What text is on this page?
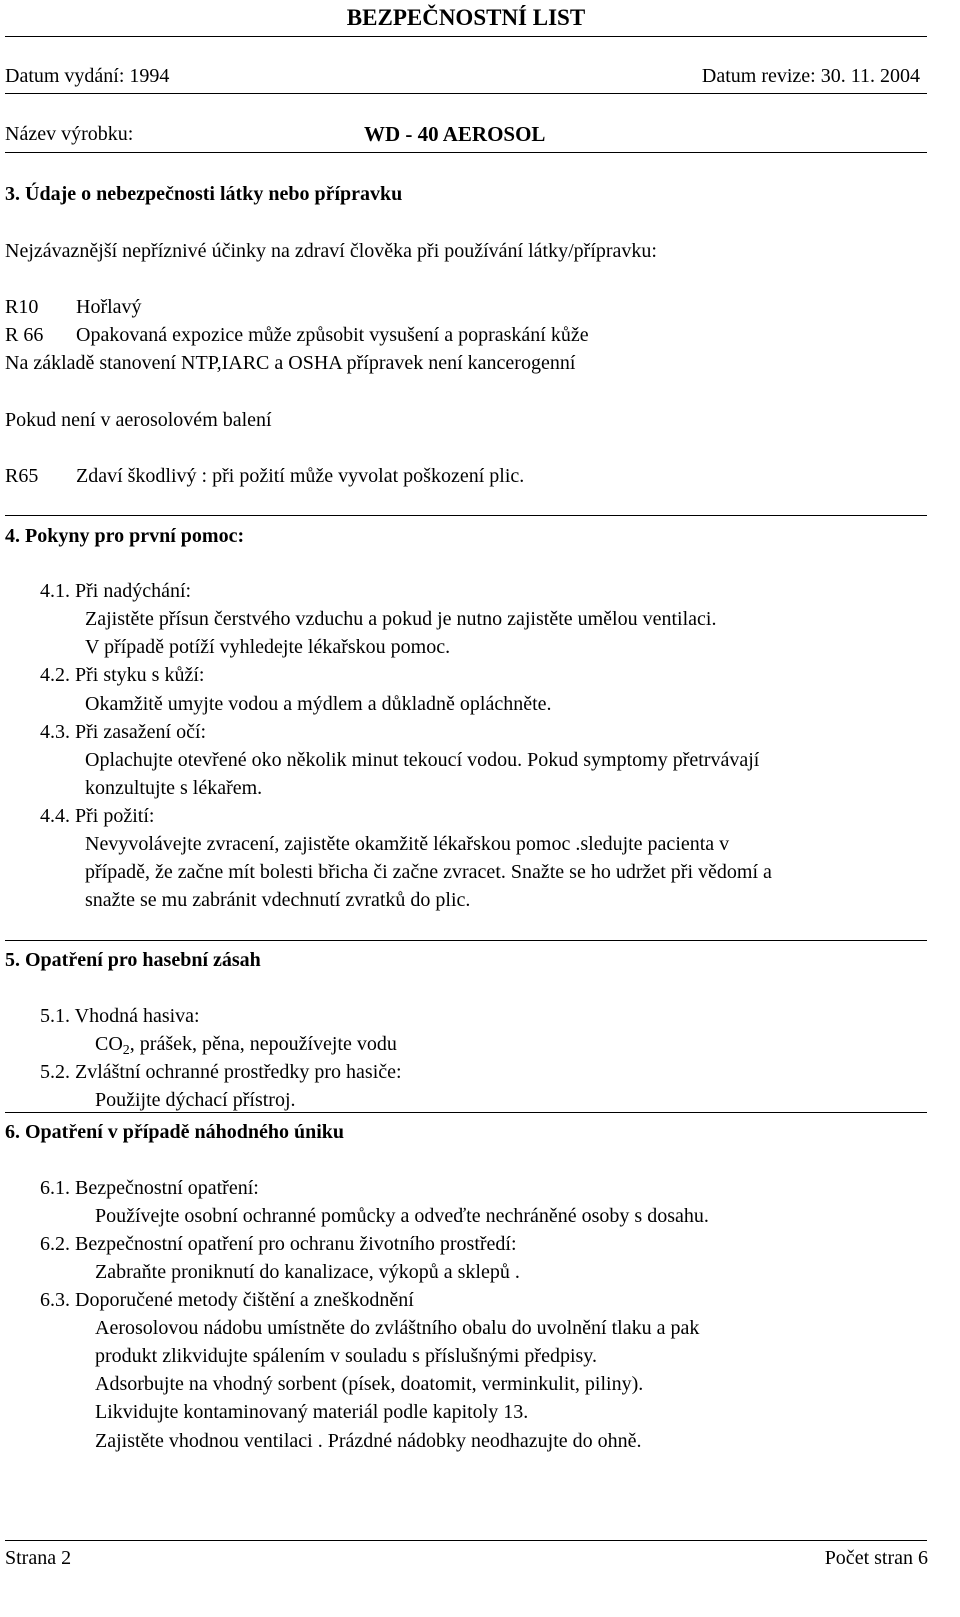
BEZPEČNOSTNÍ LIST
Datum vydání: 1994	Datum revize: 30. 11. 2004
Název výrobku:	WD - 40 AEROSOL
3. Údaje o nebezpečnosti látky nebo přípravku
Nejzávaznější nepříznivé účinky na zdraví člověka při používání látky/přípravku:
R10 Hořlavý
R 66 Opakovaná expozice může způsobit vysušení a popraskání kůže
Na základě stanovení NTP,IARC a OSHA přípravek není kancerogenní
Pokud není v aerosolovém balení
R65 Zdaví škodlivý : při požití může vyvolat poškození plic.
4. Pokyny pro první pomoc:
4.1. Při nadýchání:
Zajistěte přísun čerstvého vzduchu a pokud je nutno zajistěte umělou ventilaci.
V případě potíží vyhledejte lékařskou pomoc.
4.2. Při styku s kůží:
Okamžitě umyjte vodou a mýdlem a důkladně opláchněte.
4.3. Při zasažení očí:
Oplachujte otevřené oko několik minut tekoucí vodou. Pokud symptomy přetrvávají
konzultujte s lékařem.
4.4. Při požití:
Nevyvolávejte zvracení, zajistěte okamžitě lékařskou pomoc .sledujte pacienta v
případě, že začne mít bolesti břicha či začne zvracet. Snažte se ho udržet při vědomí a
snažte se mu zabránit vdechnutí zvratků do plic.
5. Opatření pro hasební zásah
5.1. Vhodná hasiva:
$CO_2$, prášek, pěna, nepoužívejte vodu
5.2. Zvláštní ochranné prostředky pro hasiče:
Použijte dýchací přístroj.
6. Opatření v případě náhodného úniku
6.1. Bezpečnostní opatření:
Používejte osobní ochranné pomůcky a odveďte nechráněné osoby s dosahu.
6.2. Bezpečnostní opatření pro ochranu životního prostředí:
Zabraňte proniknutí do kanalizace, výkopů a sklepů .
6.3. Doporučené metody čištění a zneškodnění
Aerosolovou nádobu umístněte do zvláštního obalu do uvolnění tlaku a pak
produkt zlikvidujte spálením v souladu s příslušnými předpisy.
Adsorbujte na vhodný sorbent (písek, doatomit, verminkulit, piliny).
Likvidujte kontaminovaný materiál podle kapitoly 13.
Zajistěte vhodnou ventilaci . Prázdné nádobky neodhazujte do ohně.
Strana 2	Počet stran 6
